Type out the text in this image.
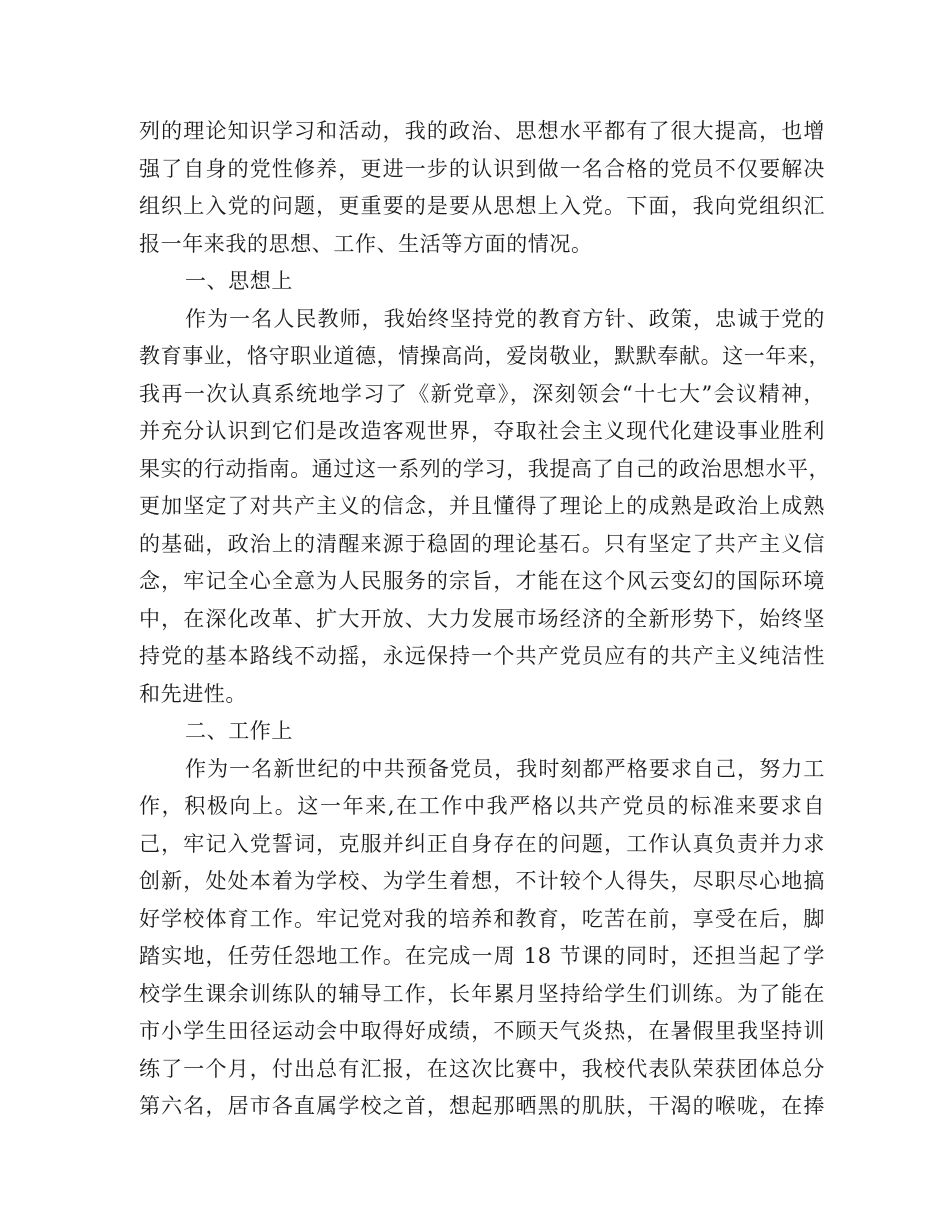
列的理论知识学习和活动，我的政治、思想水平都有了很大提高，也增
强了自身的党性修养，更进一步的认识到做一名合格的党员不仅要解决
组织上入党的问题，更重要的是要从思想上入党。下面，我向党组织汇
报一年来我的思想、工作、生活等方面的情况。
一、思想上
作为一名人民教师，我始终坚持党的教育方针、政策，忠诚于党的
教育事业，恪守职业道德，情操高尚，爱岗敬业，默默奉献。这一年来，
我再一次认真系统地学习了《新党章》，深刻领会“十七大”会议精神，
并充分认识到它们是改造客观世界，夺取社会主义现代化建设事业胜利
果实的行动指南。通过这一系列的学习，我提高了自己的政治思想水平，
更加坚定了对共产主义的信念，并且懂得了理论上的成熟是政治上成熟
的基础，政治上的清醒来源于稳固的理论基石。只有坚定了共产主义信
念，牢记全心全意为人民服务的宗旨，才能在这个风云变幻的国际环境
中，在深化改革、扩大开放、大力发展市场经济的全新形势下，始终坚
持党的基本路线不动摇，永远保持一个共产党员应有的共产主义纯洁性
和先进性。
二、工作上
作为一名新世纪的中共预备党员，我时刻都严格要求自己，努力工
作，积极向上。这一年来,在工作中我严格以共产党员的标准来要求自
己，牢记入党誓词，克服并纠正自身存在的问题，工作认真负责并力求
创新，处处本着为学校、为学生着想，不计较个人得失，尽职尽心地搞
好学校体育工作。牢记党对我的培养和教育，吃苦在前，享受在后，脚
踏实地，任劳任怨地工作。在完成一周 18 节课的同时，还担当起了学
校学生课余训练队的辅导工作，长年累月坚持给学生们训练。为了能在
市小学生田径运动会中取得好成绩，不顾天气炎热，在暑假里我坚持训
练了一个月，付出总有汇报，在这次比赛中，我校代表队荣获团体总分
第六名，居市各直属学校之首，想起那晒黑的肌肤，干渴的喉咙，在捧
